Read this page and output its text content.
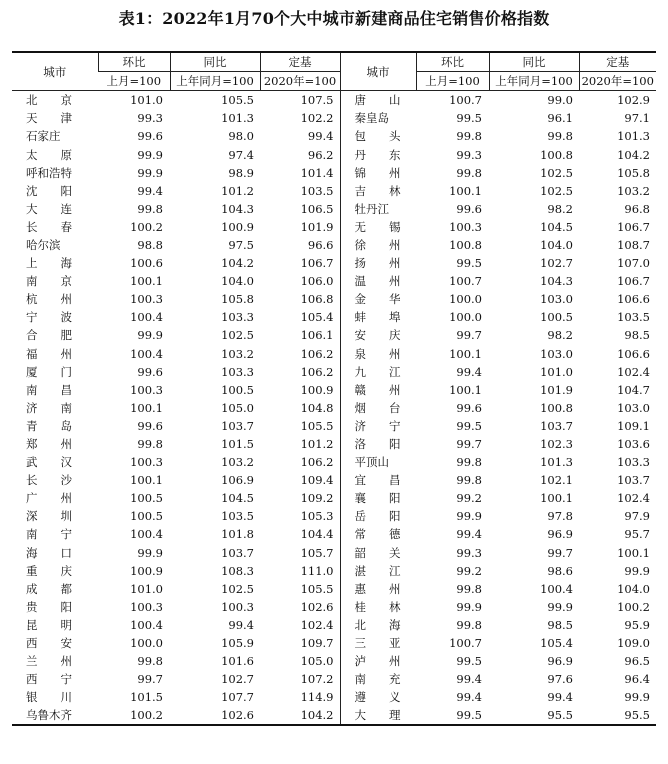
表1：2022年1月70个大中城市新建商品住宅销售价格指数
城市	环比	同比	定基	城市	环比	同比	定基
	上月=100	上年同月=100	2020年=100		上月=100	上年同月=100	2020年=100
北　　京	101.0	105.5	107.5	唐　　山	100.7	99.0	102.9
天　　津	99.3	101.3	102.2	秦皇岛	99.5	96.1	97.1
石家庄	99.6	98.0	99.4	包　　头	99.8	99.8	101.3
太　　原	99.9	97.4	96.2	丹　　东	99.3	100.8	104.2
呼和浩特	99.9	98.9	101.4	锦　　州	99.8	102.5	105.8
沈　　阳	99.4	101.2	103.5	吉　　林	100.1	102.5	103.2
大　　连	99.8	104.3	106.5	牡丹江	99.6	98.2	96.8
长　　春	100.2	100.9	101.9	无　　锡	100.3	104.5	106.7
哈尔滨	98.8	97.5	96.6	徐　　州	100.8	104.0	108.7
上　　海	100.6	104.2	106.7	扬　　州	99.5	102.7	107.0
南　　京	100.1	104.0	106.0	温　　州	100.7	104.3	106.7
杭　　州	100.3	105.8	106.8	金　　华	100.0	103.0	106.6
宁　　波	100.4	103.3	105.4	蚌　　埠	100.0	100.5	103.5
合　　肥	99.9	102.5	106.1	安　　庆	99.7	98.2	98.5
福　　州	100.4	103.2	106.2	泉　　州	100.1	103.0	106.6
厦　　门	99.6	103.3	106.2	九　　江	99.4	101.0	102.4
南　　昌	100.3	100.5	100.9	赣　　州	100.1	101.9	104.7
济　　南	100.1	105.0	104.8	烟　　台	99.6	100.8	103.0
青　　岛	99.6	103.7	105.5	济　　宁	99.5	103.7	109.1
郑　　州	99.8	101.5	101.2	洛　　阳	99.7	102.3	103.6
武　　汉	100.3	103.2	106.2	平顶山	99.8	101.3	103.3
长　　沙	100.1	106.9	109.4	宜　　昌	99.8	102.1	103.7
广　　州	100.5	104.5	109.2	襄　　阳	99.2	100.1	102.4
深　　圳	100.5	103.5	105.3	岳　　阳	99.9	97.8	97.9
南　　宁	100.4	101.8	104.4	常　　德	99.4	96.9	95.7
海　　口	99.9	103.7	105.7	韶　　关	99.3	99.7	100.1
重　　庆	100.9	108.3	111.0	湛　　江	99.2	98.6	99.9
成　　都	101.0	102.5	105.5	惠　　州	99.8	100.4	104.0
贵　　阳	100.3	100.3	102.6	桂　　林	99.9	99.9	100.2
昆　　明	100.4	99.4	102.4	北　　海	99.8	98.5	95.9
西　　安	100.0	105.9	109.7	三　　亚	100.7	105.4	109.0
兰　　州	99.8	101.6	105.0	泸　　州	99.5	96.9	96.5
西　　宁	99.7	102.7	107.2	南　　充	99.4	97.6	96.4
银　　川	101.5	107.7	114.9	遵　　义	99.4	99.4	99.9
乌鲁木齐	100.2	102.6	104.2	大　　理	99.5	95.5	95.5
